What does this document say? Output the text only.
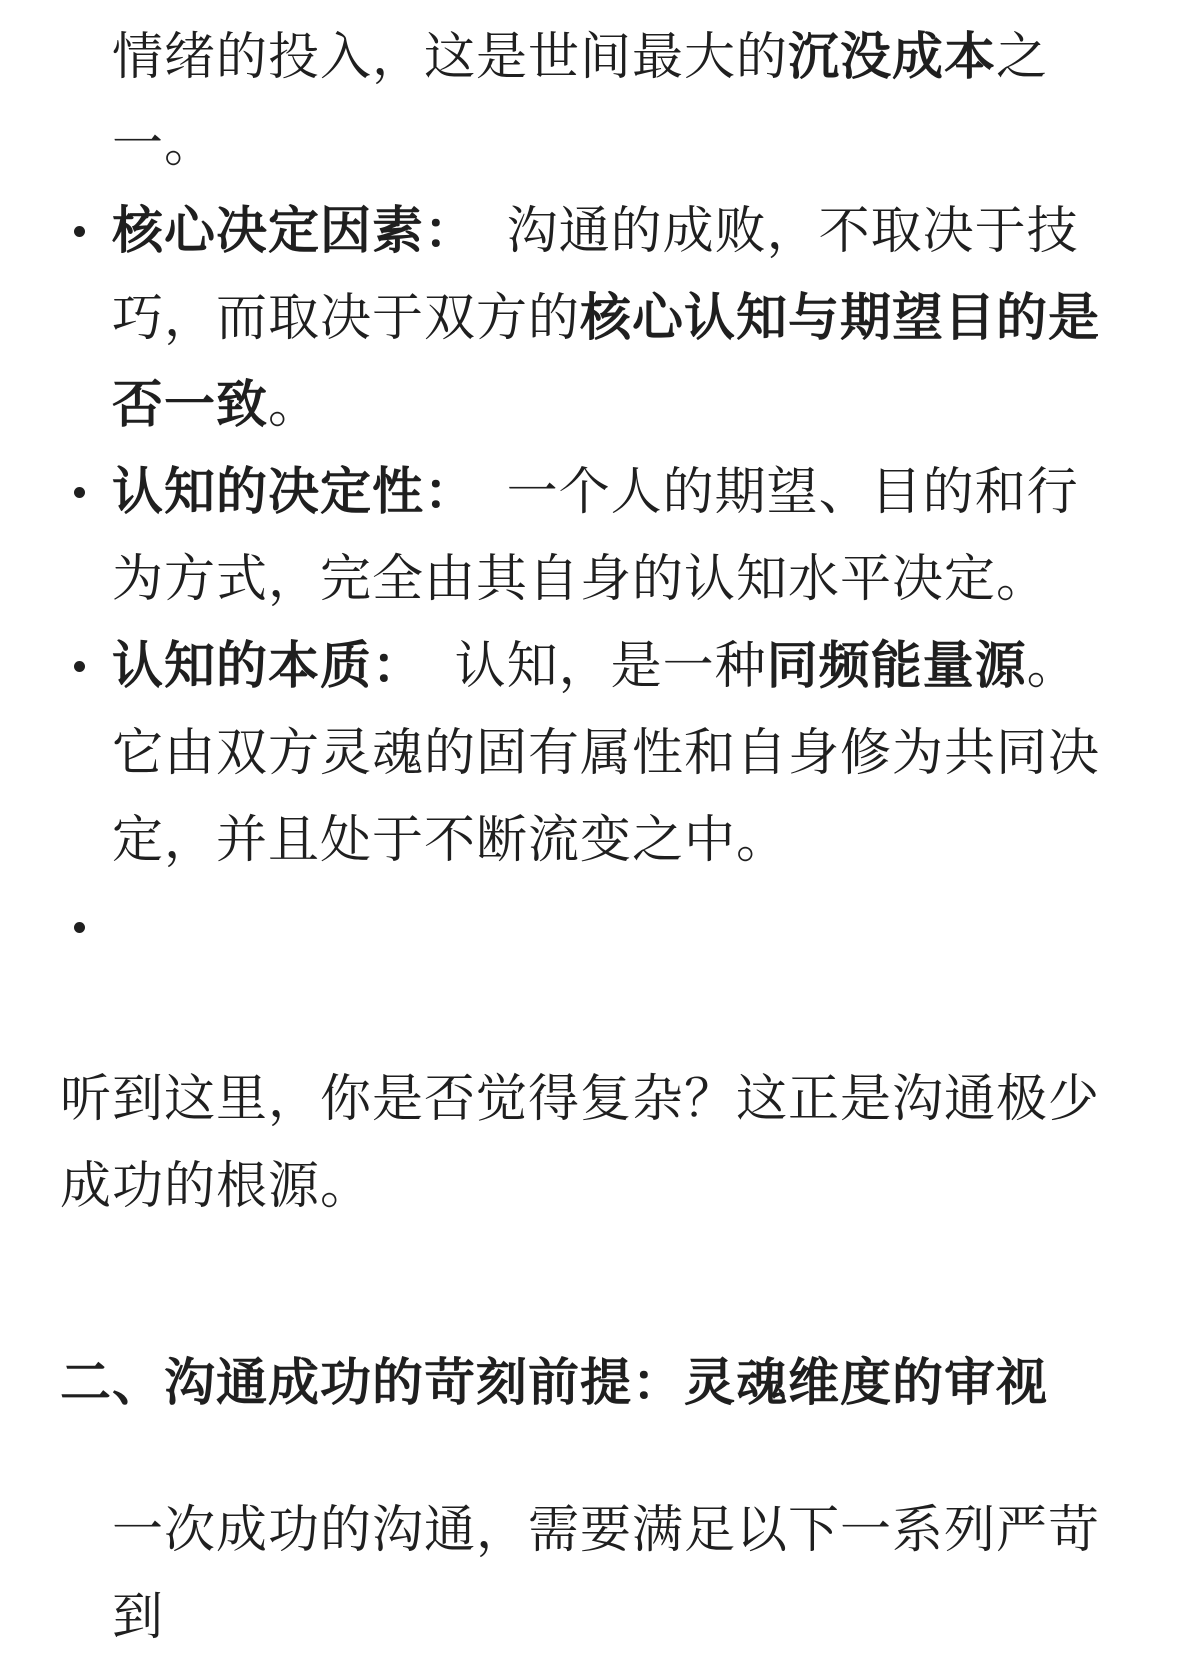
情绪的投入，这是世间最大的沉没成本之一。
核心决定因素： 沟通的成败，不取决于技巧，而取决于双方的核心认知与期望目的是否一致。
认知的决定性： 一个人的期望、目的和行为方式，完全由其自身的认知水平决定。
认知的本质： 认知，是一种同频能量源。它由双方灵魂的固有属性和自身修为共同决定，并且处于不断流变之中。

听到这里，你是否觉得复杂？这正是沟通极少成功的根源。

二、沟通成功的苛刻前提：灵魂维度的审视

一次成功的沟通，需要满足以下一系列严苛到
